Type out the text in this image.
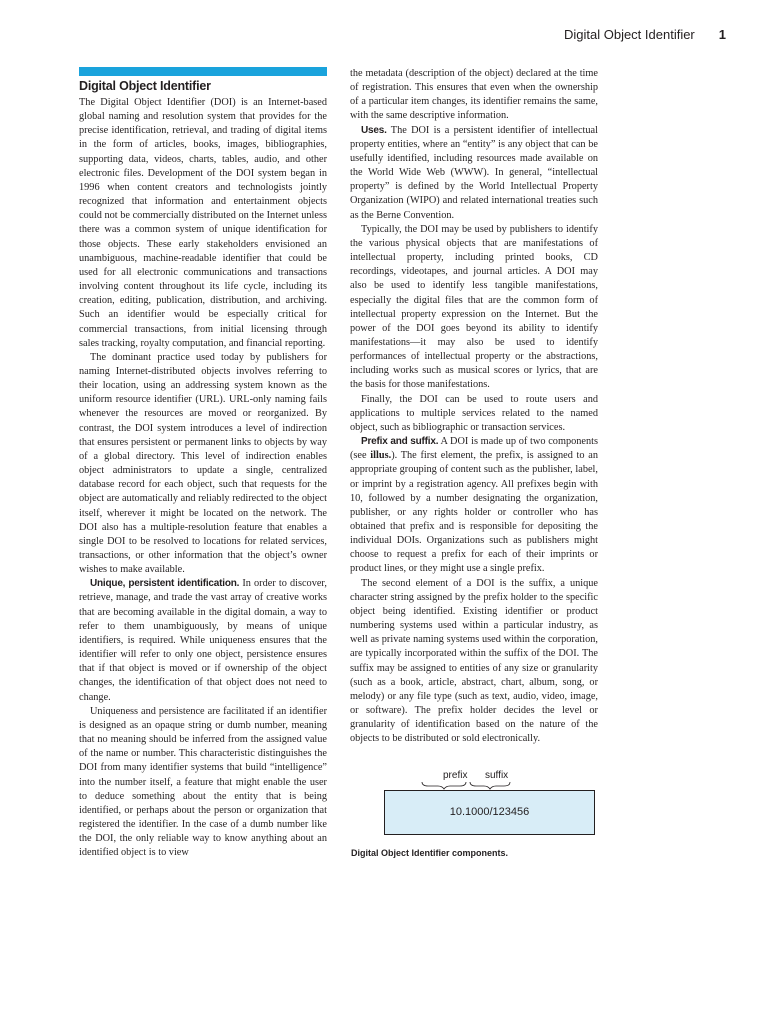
Digital Object Identifier 1
Digital Object Identifier

The Digital Object Identifier (DOI) is an Internet-based global naming and resolution system that provides for the precise identification, retrieval, and trading of digital items in the form of articles, books, images, bibliographies, supporting data, videos, charts, tables, audio, and other electronic files. Development of the DOI system began in 1996 when content creators and technologists jointly recognized that information and entertainment objects could not be commercially distributed on the Internet unless there was a common system of unique identification for those objects. These early stakeholders envisioned an unambiguous, machine-readable identifier that could be used for all electronic communications and transactions involving content throughout its life cycle, including its creation, editing, publication, distribution, and archiving. Such an identifier would be especially critical for commercial transactions, from initial licensing through sales tracking, royalty computation, and financial reporting.

The dominant practice used today by publishers for naming Internet-distributed objects involves referring to their location, using an addressing system known as the uniform resource identifier (URL). URL-only naming fails whenever the resources are moved or reorganized. By contrast, the DOI system introduces a level of indirection that ensures persistent or permanent links to objects by way of a global directory. This level of indirection enables object administrators to update a single, centralized database record for each object, such that requests for the object are automatically and reliably redirected to the object itself, wherever it might be located on the network. The DOI also has a multiple-resolution feature that enables a single DOI to be resolved to locations for related services, transactions, or other information that the object’s owner wishes to make available.

Unique, persistent identification. In order to discover, retrieve, manage, and trade the vast array of creative works that are becoming available in the digital domain, a way to refer to them unambiguously, by means of unique identifiers, is required. While uniqueness ensures that the identifier will refer to only one object, persistence ensures that if that object is moved or if ownership of the object changes, the identification of that object does not need to change.

Uniqueness and persistence are facilitated if an identifier is designed as an opaque string or dumb number, meaning that no meaning should be inferred from the assigned value of the name or number. This characteristic distinguishes the DOI from many identifier systems that build “intelligence” into the number itself, a feature that might enable the user to deduce something about the entity that is being identified, or perhaps about the person or organization that registered the identifier. In the case of a dumb number like the DOI, the only reliable way to know anything about an identified object is to view

the metadata (description of the object) declared at the time of registration. This ensures that even when the ownership of a particular item changes, its identifier remains the same, with the same descriptive information.

Uses. The DOI is a persistent identifier of intellectual property entities, where an “entity” is any object that can be usefully identified, including resources made available on the World Wide Web (WWW). In general, “intellectual property” is defined by the World Intellectual Property Organization (WIPO) and related international treaties such as the Berne Convention.

Typically, the DOI may be used by publishers to identify the various physical objects that are manifestations of intellectual property, including printed books, CD recordings, videotapes, and journal articles. A DOI may also be used to identify less tangible manifestations, especially the digital files that are the common form of intellectual property expression on the Internet. But the power of the DOI goes beyond its ability to identify manifestations—it may also be used to identify performances of intellectual property or the abstractions, including works such as musical scores or lyrics, that are the basis for those manifestations.

Finally, the DOI can be used to route users and applications to multiple services related to the named object, such as bibliographic or transaction services.

Prefix and suffix. A DOI is made up of two components (see illus.). The first element, the prefix, is assigned to an appropriate grouping of content such as the publisher, label, or imprint by a registration agency. All prefixes begin with 10, followed by a number designating the organization, publisher, or any rights holder or controller who has obtained that prefix and is responsible for depositing the individual DOIs. Organizations such as publishers might choose to request a prefix for each of their imprints or product lines, or they might use a single prefix.

The second element of a DOI is the suffix, a unique character string assigned by the prefix holder to the specific object being identified. Existing identifier or product numbering systems used within a particular industry, as well as private naming systems used within the corporation, are typically incorporated within the suffix of the DOI. The suffix may be assigned to entities of any size or granularity (such as a book, article, abstract, chart, album, song, or melody) or any file type (such as text, audio, video, image, or software). The prefix holder decides the level or granularity of identification based on the nature of the objects to be distributed or sold electronically.

prefix suffix
10.1000/123456
Digital Object Identifier components.
